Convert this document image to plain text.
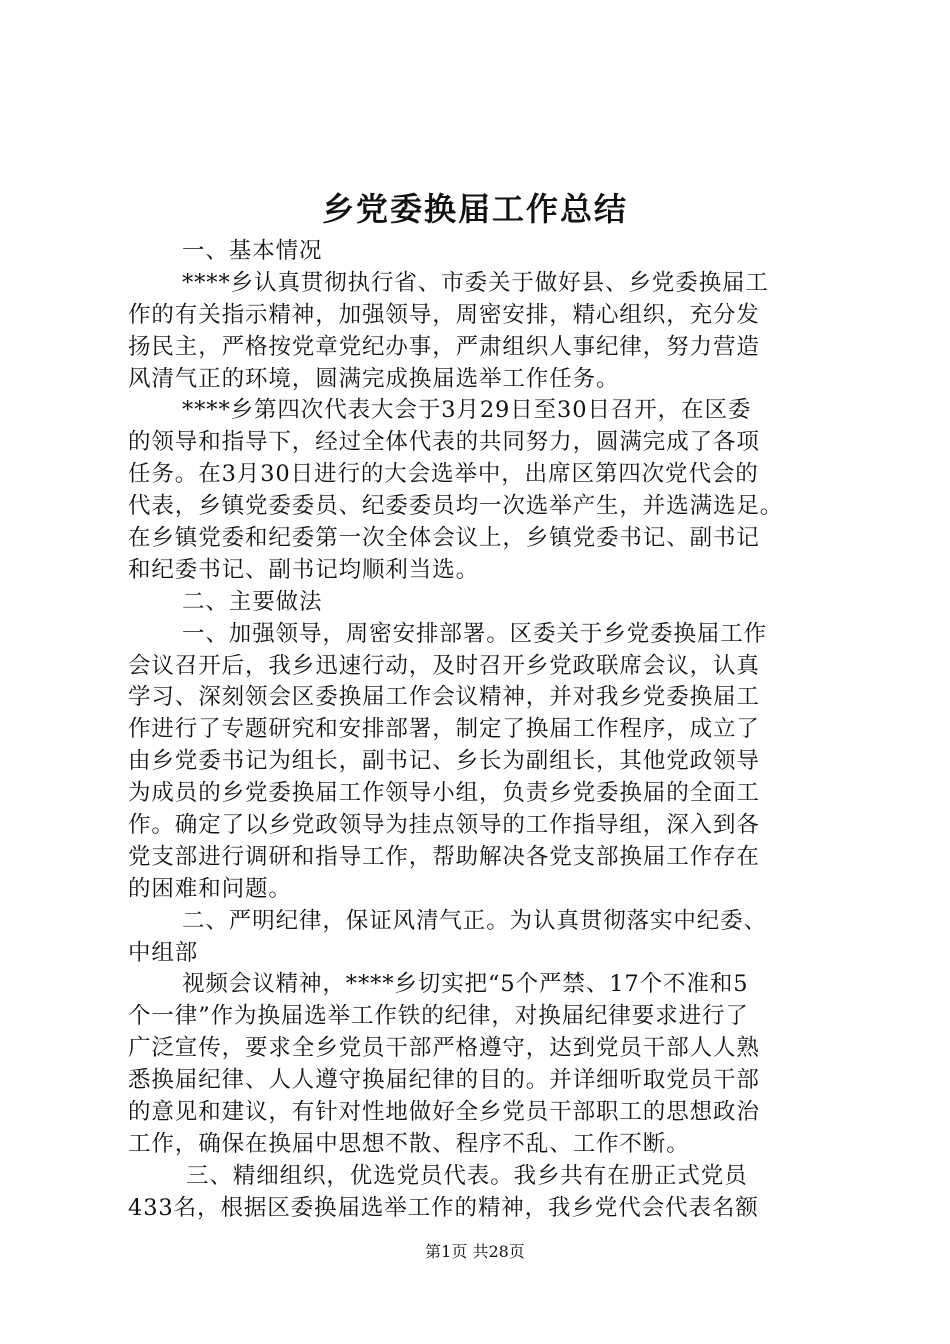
乡党委换届工作总结
一、基本情况
****乡认真贯彻执行省、市委关于做好县、乡党委换届工
作的有关指示精神，加强领导，周密安排，精心组织，充分发
扬民主，严格按党章党纪办事，严肃组织人事纪律，努力营造
风清气正的环境，圆满完成换届选举工作任务。
****乡第四次代表大会于3月29日至30日召开，在区委
的领导和指导下，经过全体代表的共同努力，圆满完成了各项
任务。在3月30日进行的大会选举中，出席区第四次党代会的
代表，乡镇党委委员、纪委委员均一次选举产生，并选满选足。
在乡镇党委和纪委第一次全体会议上，乡镇党委书记、副书记
和纪委书记、副书记均顺利当选。
二、主要做法
一、加强领导，周密安排部署。区委关于乡党委换届工作
会议召开后，我乡迅速行动，及时召开乡党政联席会议，认真
学习、深刻领会区委换届工作会议精神，并对我乡党委换届工
作进行了专题研究和安排部署，制定了换届工作程序，成立了
由乡党委书记为组长，副书记、乡长为副组长，其他党政领导
为成员的乡党委换届工作领导小组，负责乡党委换届的全面工
作。确定了以乡党政领导为挂点领导的工作指导组，深入到各
党支部进行调研和指导工作，帮助解决各党支部换届工作存在
的困难和问题。
二、严明纪律，保证风清气正。为认真贯彻落实中纪委、
中组部
视频会议精神，****乡切实把“5个严禁、17个不准和5
个一律”作为换届选举工作铁的纪律，对换届纪律要求进行了
广泛宣传，要求全乡党员干部严格遵守，达到党员干部人人熟
悉换届纪律、人人遵守换届纪律的目的。并详细听取党员干部
的意见和建议，有针对性地做好全乡党员干部职工的思想政治
工作，确保在换届中思想不散、程序不乱、工作不断。
三、精细组织，优选党员代表。我乡共有在册正式党员
433名，根据区委换届选举工作的精神，我乡党代会代表名额
第1页 共28页
